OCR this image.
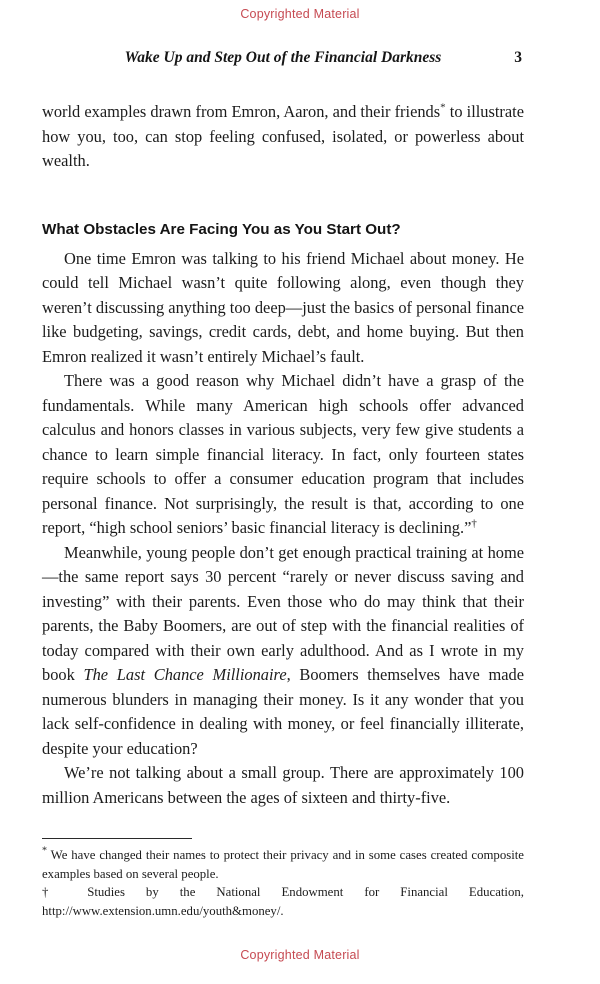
Copyrighted Material
Wake Up and Step Out of the Financial Darkness	3

world examples drawn from Emron, Aaron, and their friends* to illustrate how you, too, can stop feeling confused, isolated, or powerless about wealth.

What Obstacles Are Facing You as You Start Out?

One time Emron was talking to his friend Michael about money. He could tell Michael wasn’t quite following along, even though they weren’t discussing anything too deep—just the basics of personal finance like budgeting, savings, credit cards, debt, and home buying. But then Emron realized it wasn’t entirely Michael’s fault.

There was a good reason why Michael didn’t have a grasp of the fundamentals. While many American high schools offer advanced calculus and honors classes in various subjects, very few give students a chance to learn simple financial literacy. In fact, only fourteen states require schools to offer a consumer education program that includes personal finance. Not surprisingly, the result is that, according to one report, “high school seniors’ basic financial literacy is declining.”†

Meanwhile, young people don’t get enough practical training at home—the same report says 30 percent “rarely or never discuss saving and investing” with their parents. Even those who do may think that their parents, the Baby Boomers, are out of step with the financial realities of today compared with their own early adulthood. And as I wrote in my book The Last Chance Millionaire, Boomers themselves have made numerous blunders in managing their money. Is it any wonder that you lack self-confidence in dealing with money, or feel financially illiterate, despite your education?

We’re not talking about a small group. There are approximately 100 million Americans between the ages of sixteen and thirty-five.

* We have changed their names to protect their privacy and in some cases created composite examples based on several people.

† Studies by the National Endowment for Financial Education, http://www.extension.umn.edu/youth&money/.

Copyrighted Material
